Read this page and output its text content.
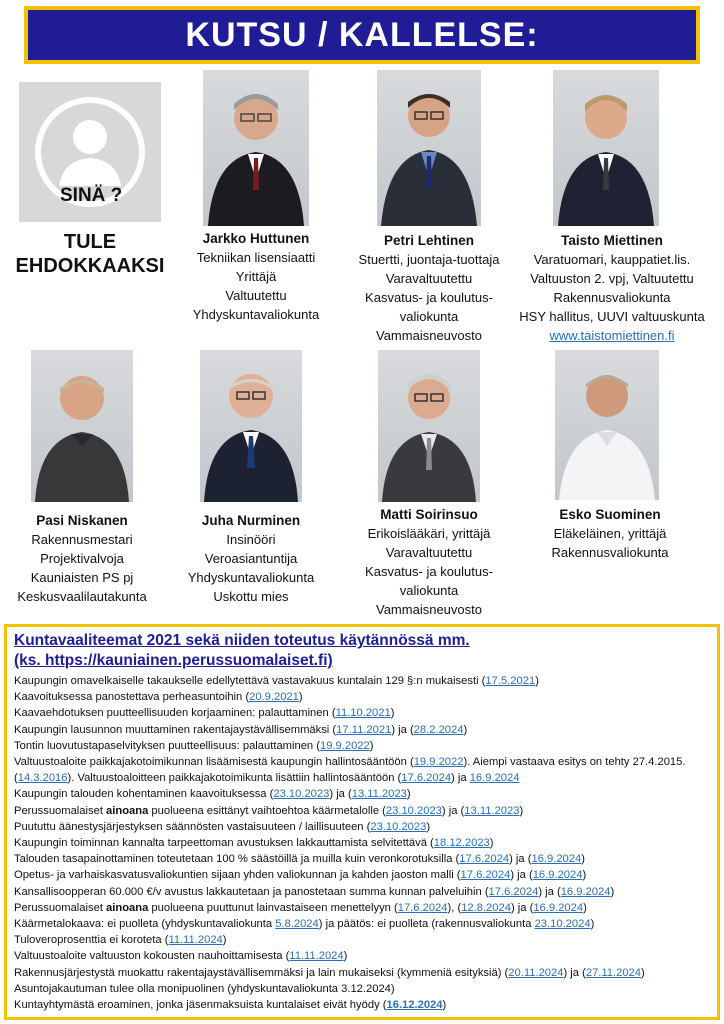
KUTSU / KALLELSE:
SINÄ ?
TULE EHDOKKAAKSI
Jarkko Huttunen
Tekniikan lisensiaatti
Yrittäjä
Valtuutettu
Yhdyskuntavaliokunta
Petri Lehtinen
Stuertti, juontaja-tuottaja
Varavaltuutettu
Kasvatus- ja koulutus-
valiokunta
Vammaisneuvosto
Taisto Miettinen
Varatuomari, kauppatiet.lis.
Valtuuston 2. vpj, Valtuutettu
Rakennusvaliokunta
HSY hallitus, UUVI valtuuskunta
www.taistomiettinen.fi
Pasi Niskanen
Rakennusmestari
Projektivalvoja
Kauniaisten PS pj
Keskusvaalilautakunta
Juha Nurminen
Insinööri
Veroasiantuntija
Yhdyskuntavaliokunta
Uskottu mies
Matti Soirinsuo
Erikoislääkäri, yrittäjä
Varavaltuutettu
Kasvatus- ja koulutus-
valiokunta
Vammaisneuvosto
Esko Suominen
Eläkeläinen, yrittäjä
Rakennusvaliokunta
Kuntavaaliteemat 2021 sekä niiden toteutus käytännössä mm.
(ks. https://kauniainen.perussuomalaiset.fi)
Kaupungin omavelkaiselle takaukselle edellytettävä vastavakuus kuntalain 129 §:n mukaisesti (17.5.2021)
Kaavoituksessa panostettava perheasuntoihin (20.9.2021)
Kaavaehdotuksen puutteellisuuden korjaaminen: palauttaminen (11.10.2021)
Kaupungin lausunnon muuttaminen rakentajaystävällisemmäksi (17.11.2021) ja (28.2.2024)
Tontin luovutustapaselvityksen puutteellisuus: palauttaminen (19.9.2022)
Valtuustoaloite paikkajakotoimikunnan lisäämisestä kaupungin hallintosääntöön (19.9.2022). Aiempi vastaava esitys on tehty 27.4.2015. (14.3.2016). Valtuustoaloitteen paikkajakotoimikunta lisättiin hallintosääntöön (17.6.2024) ja 16.9.2024
Kaupungin talouden kohentaminen kaavoituksessa (23.10.2023) ja (13.11.2023)
Perussuomalaiset ainoana puolueena esittänyt vaihtoehtoa käärmetalolle (23.10.2023) ja (13.11.2023)
Puututtu äänestysjärjestyksen säännösten vastaisuuteen / laillisuuteen (23.10.2023)
Kaupungin toiminnan kannalta tarpeettoman avustuksen lakkauttamista selvitettävä (18.12.2023)
Talouden tasapainottaminen toteutetaan 100 % säästöillä ja muilla kuin veronkorotuksilla (17.6.2024) ja (16.9.2024)
Opetus- ja varhaiskasvatusvaliokuntien sijaan yhden valiokunnan ja kahden jaoston malli (17.6.2024) ja (16.9.2024)
Kansallisoopperan 60.000 €/v avustus lakkautetaan ja panostetaan summa kunnan palveluihin (17.6.2024) ja (16.9.2024)
Perussuomalaiset ainoana puolueena puuttunut lainvastaiseen menettelyyn (17.6.2024), (12.8.2024) ja (16.9.2024)
Käärmetalokaava: ei puolleta (yhdyskuntavaliokunta 5.8.2024) ja päätös: ei puolleta (rakennusvaliokunta 23.10.2024)
Tuloveroprosenttia ei koroteta (11.11.2024)
Valtuustoaloite valtuuston kokousten nauhoittamisesta (11.11.2024)
Rakennusjärjestystä muokattu rakentajaystävällisemmäksi ja lain mukaiseksi (kymmeniä esityksiä) (20.11.2024) ja (27.11.2024)
Asuntojakautuman tulee olla monipuolinen (yhdyskuntavaliokunta 3.12.2024)
Kuntayhtymästä eroaminen, jonka jäsenmaksuista kuntalaiset eivät hyödy (16.12.2024)
